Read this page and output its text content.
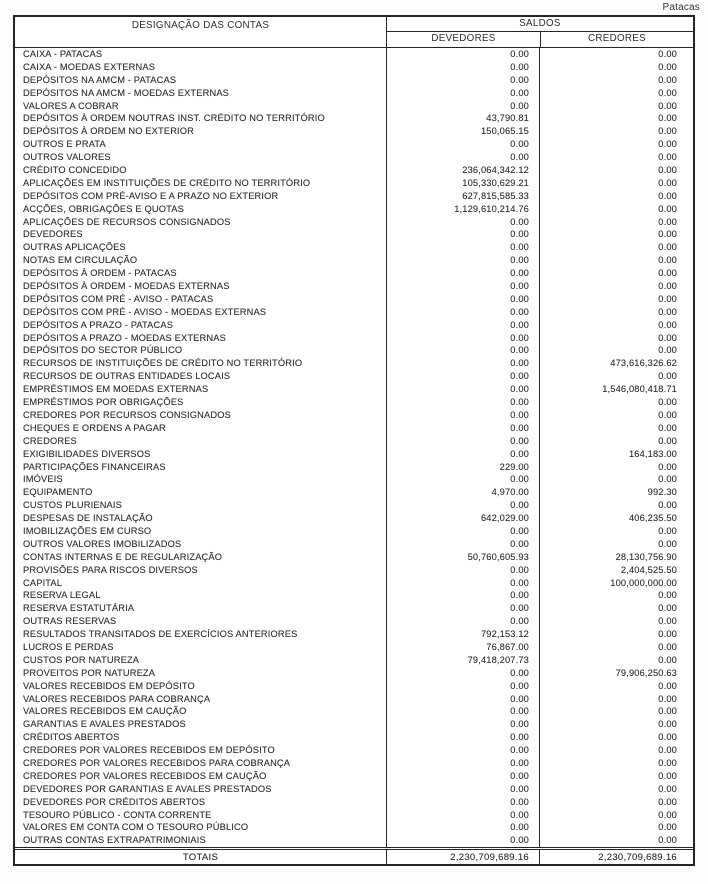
Patacas
DESIGNAÇÃO DAS CONTAS	SALDOS
DEVEDORES	CREDORES
CAIXA - PATACAS	0.00	0.00
CAIXA - MOEDAS EXTERNAS	0.00	0.00
DEPÓSITOS NA AMCM - PATACAS	0.00	0.00
DEPÓSITOS NA AMCM - MOEDAS EXTERNAS	0.00	0.00
VALORES A COBRAR	0.00	0.00
DEPÓSITOS À ORDEM NOUTRAS INST. CRÉDITO NO TERRITÓRIO	43,790.81	0.00
DEPÓSITOS À ORDEM NO EXTERIOR	150,065.15	0.00
OUTROS E PRATA	0.00	0.00
OUTROS VALORES	0.00	0.00
CRÉDITO CONCEDIDO	236,064,342.12	0.00
APLICAÇÕES EM INSTITUIÇÕES DE CRÉDITO NO TERRITÓRIO	105,330,629.21	0.00
DEPÓSITOS COM PRÉ-AVISO E A PRAZO NO EXTERIOR	627,815,585.33	0.00
ACÇÕES, OBRIGAÇÕES E QUOTAS	1,129,610,214.76	0.00
APLICAÇÕES DE RECURSOS CONSIGNADOS	0.00	0.00
DEVEDORES	0.00	0.00
OUTRAS APLICAÇÕES	0.00	0.00
NOTAS EM CIRCULAÇÃO	0.00	0.00
DEPÓSITOS À ORDEM - PATACAS	0.00	0.00
DEPÓSITOS À ORDEM - MOEDAS EXTERNAS	0.00	0.00
DEPÓSITOS COM PRÉ - AVISO - PATACAS	0.00	0.00
DEPÓSITOS COM PRÉ - AVISO - MOEDAS EXTERNAS	0.00	0.00
DEPÓSITOS A PRAZO - PATACAS	0.00	0.00
DEPÓSITOS A PRAZO - MOEDAS EXTERNAS	0.00	0.00
DEPÓSITOS DO SECTOR PÚBLICO	0.00	0.00
RECURSOS DE INSTITUIÇÕES DE CRÉDITO NO TERRITÓRIO	0.00	473,616,326.62
RECURSOS DE OUTRAS ENTIDADES LOCAIS	0.00	0.00
EMPRÉSTIMOS EM MOEDAS EXTERNAS	0.00	1,546,080,418.71
EMPRÉSTIMOS POR OBRIGAÇÕES	0.00	0.00
CREDORES POR RECURSOS CONSIGNADOS	0.00	0.00
CHEQUES E ORDENS A PAGAR	0.00	0.00
CREDORES	0.00	0.00
EXIGIBILIDADES DIVERSOS	0.00	164,183.00
PARTICIPAÇÕES FINANCEIRAS	229.00	0.00
IMÓVEIS	0.00	0.00
EQUIPAMENTO	4,970.00	992.30
CUSTOS PLURIENAIS	0.00	0.00
DESPESAS DE INSTALAÇÃO	642,029.00	406,235.50
IMOBILIZAÇÕES EM CURSO	0.00	0.00
OUTROS VALORES IMOBILIZADOS	0.00	0.00
CONTAS INTERNAS E DE REGULARIZAÇÃO	50,760,605.93	28,130,756.90
PROVISÕES PARA RISCOS DIVERSOS	0.00	2,404,525.50
CAPITAL	0.00	100,000,000.00
RESERVA LEGAL	0.00	0.00
RESERVA ESTATUTÁRIA	0.00	0.00
OUTRAS RESERVAS	0.00	0.00
RESULTADOS TRANSITADOS DE EXERCÍCIOS ANTERIORES	792,153.12	0.00
LUCROS E PERDAS	76,867.00	0.00
CUSTOS POR NATUREZA	79,418,207.73	0.00
PROVEITOS POR NATUREZA	0.00	79,906,250.63
VALORES RECEBIDOS EM DEPÓSITO	0.00	0.00
VALORES RECEBIDOS PARA COBRANÇA	0.00	0.00
VALORES RECEBIDOS EM CAUÇÃO	0.00	0.00
GARANTIAS E AVALES PRESTADOS	0.00	0.00
CRÉDITOS ABERTOS	0.00	0.00
CREDORES POR VALORES RECEBIDOS EM DEPÓSITO	0.00	0.00
CREDORES POR VALORES RECEBIDOS PARA COBRANÇA	0.00	0.00
CREDORES POR VALORES RECEBIDOS EM CAUÇÃO	0.00	0.00
DEVEDORES POR GARANTIAS E AVALES PRESTADOS	0.00	0.00
DEVEDORES POR CRÉDITOS ABERTOS	0.00	0.00
TESOURO PÚBLICO - CONTA CORRENTE	0.00	0.00
VALORES EM CONTA COM O TESOURO PÚBLICO	0.00	0.00
OUTRAS CONTAS EXTRAPATRIMONIAIS	0.00	0.00
TOTAIS	2,230,709,689.16	2,230,709,689.16
